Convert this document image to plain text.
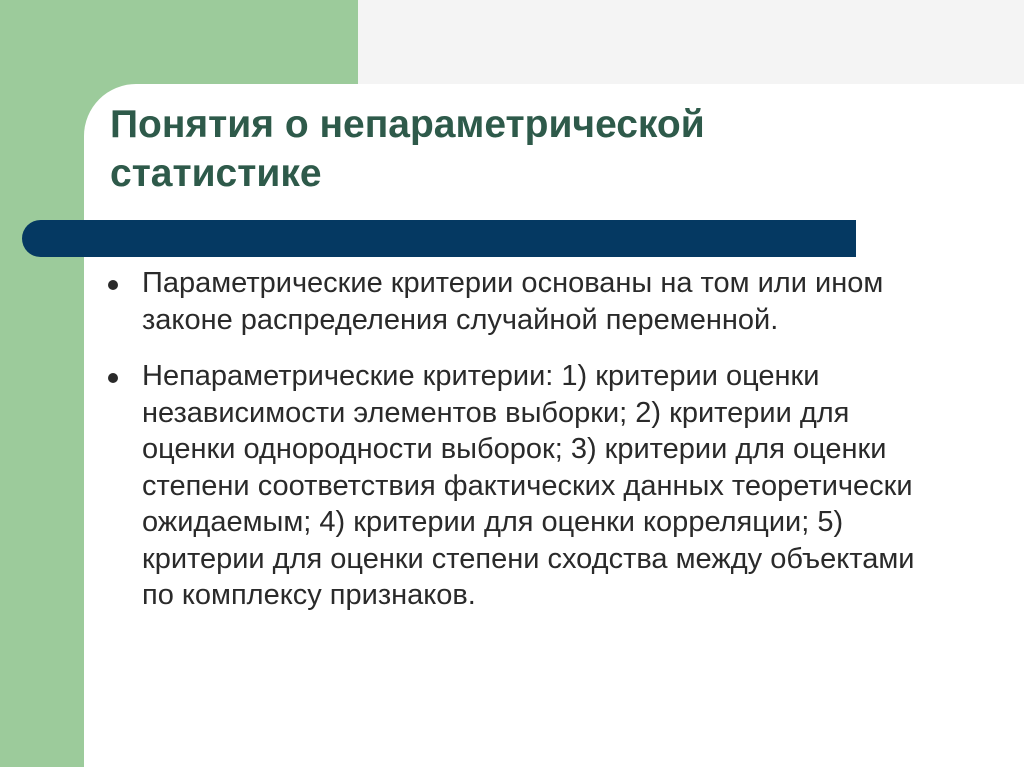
Понятия о непараметрической статистике
Параметрические критерии основаны на том или ином законе распределения случайной переменной.
Непараметрические критерии: 1) критерии оценки независимости элементов выборки; 2) критерии для оценки однородности выборок; 3) критерии для оценки степени соответствия фактических данных теоретически ожидаемым; 4) критерии для оценки корреляции; 5) критерии для оценки степени сходства между объектами по комплексу признаков.
